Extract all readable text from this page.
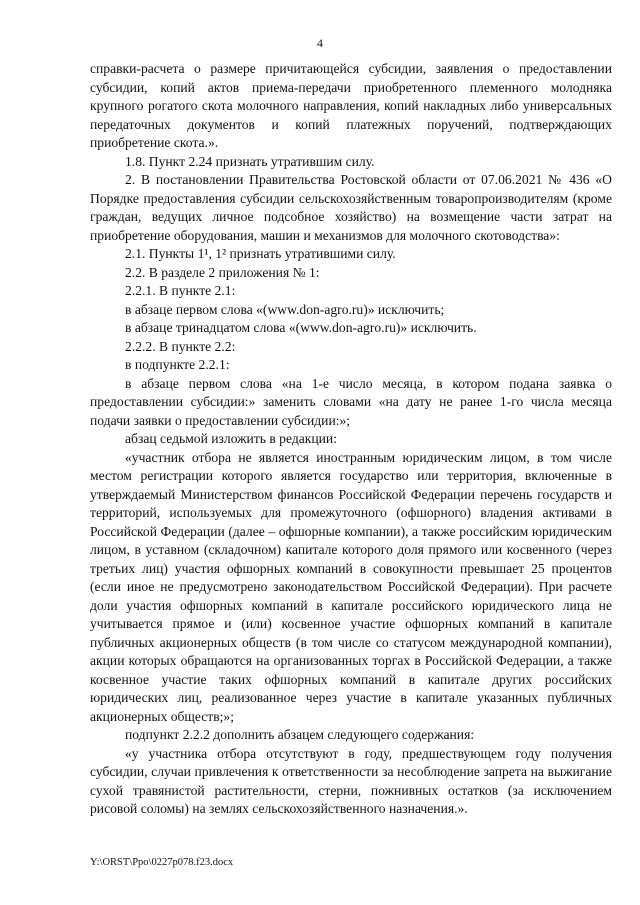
4

справки-расчета о размере причитающейся субсидии, заявления о предоставлении субсидии, копий актов приема-передачи приобретенного племенного молодняка крупного рогатого скота молочного направления, копий накладных либо универсальных передаточных документов и копий платежных поручений, подтверждающих приобретение скота.».

1.8. Пункт 2.24 признать утратившим силу.

2. В постановлении Правительства Ростовской области от 07.06.2021 № 436 «О Порядке предоставления субсидии сельскохозяйственным товаропроизводителям (кроме граждан, ведущих личное подсобное хозяйство) на возмещение части затрат на приобретение оборудования, машин и механизмов для молочного скотоводства»:

2.1. Пункты 1¹, 1² признать утратившими силу.

2.2. В разделе 2 приложения № 1:

2.2.1. В пункте 2.1:

в абзаце первом слова «(www.don-agro.ru)» исключить;

в абзаце тринадцатом слова «(www.don-agro.ru)» исключить.

2.2.2. В пункте 2.2:

в подпункте 2.2.1:

в абзаце первом слова «на 1-е число месяца, в котором подана заявка о предоставлении субсидии:» заменить словами «на дату не ранее 1-го числа месяца подачи заявки о предоставлении субсидии:»;

абзац седьмой изложить в редакции:

«участник отбора не является иностранным юридическим лицом, в том числе местом регистрации которого является государство или территория, включенные в утверждаемый Министерством финансов Российской Федерации перечень государств и территорий, используемых для промежуточного (офшорного) владения активами в Российской Федерации (далее – офшорные компании), а также российским юридическим лицом, в уставном (складочном) капитале которого доля прямого или косвенного (через третьих лиц) участия офшорных компаний в совокупности превышает 25 процентов (если иное не предусмотрено законодательством Российской Федерации). При расчете доли участия офшорных компаний в капитале российского юридического лица не учитывается прямое и (или) косвенное участие офшорных компаний в капитале публичных акционерных обществ (в том числе со статусом международной компании), акции которых обращаются на организованных торгах в Российской Федерации, а также косвенное участие таких офшорных компаний в капитале других российских юридических лиц, реализованное через участие в капитале указанных публичных акционерных обществ;»;

подпункт 2.2.2 дополнить абзацем следующего содержания:

«у участника отбора отсутствуют в году, предшествующем году получения субсидии, случаи привлечения к ответственности за несоблюдение запрета на выжигание сухой травянистой растительности, стерни, пожнивных остатков (за исключением рисовой соломы) на землях сельскохозяйственного назначения.».

Y:\ORST\Ppo\0227p078.f23.docx
